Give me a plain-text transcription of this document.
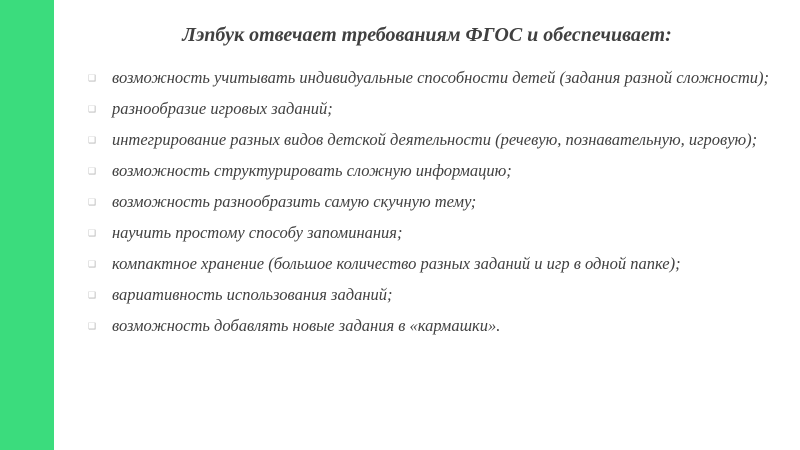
Лэпбук отвечает требованиям ФГОС и обеспечивает:
❑ возможность учитывать индивидуальные способности детей (задания разной сложности);
❑ разнообразие игровых заданий;
❑ интегрирование разных видов детской деятельности (речевую, познавательную, игровую);
❑ возможность структурировать сложную информацию;
❑ возможность разнообразить самую скучную тему;
❑ научить простому способу запоминания;
❑ компактное хранение (большое количество разных заданий и игр в одной папке);
❑ вариативность использования заданий;
❑ возможность добавлять новые задания в «кармашки».
